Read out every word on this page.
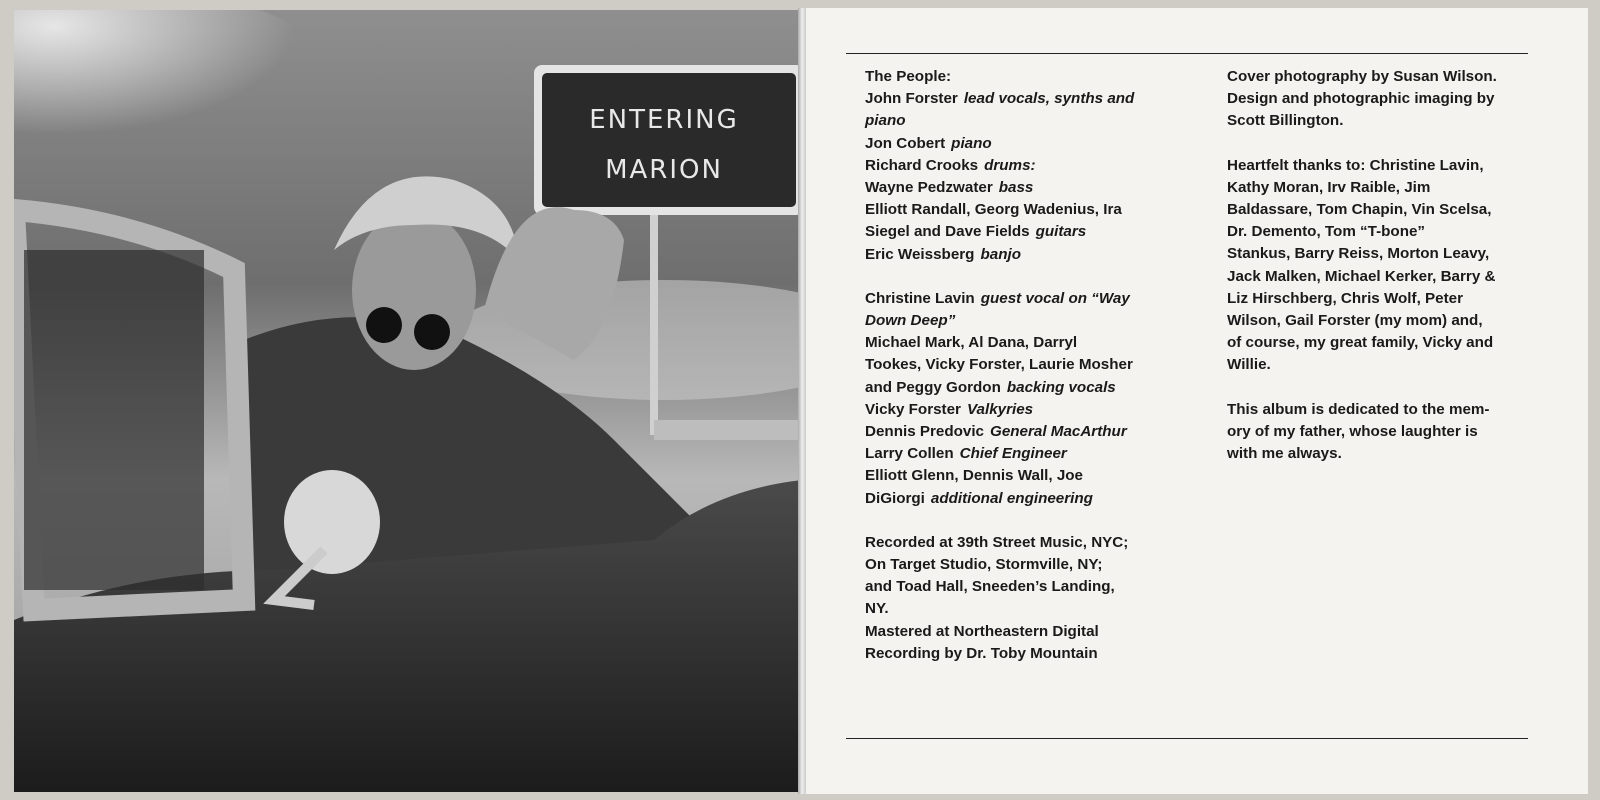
ENTERING
MARION
The People:
John Forster lead vocals, synths and
piano
Jon Cobert piano
Richard Crooks drums:
Wayne Pedzwater bass
Elliott Randall, Georg Wadenius, Ira
Siegel and Dave Fields guitars
Eric Weissberg banjo
Christine Lavin guest vocal on “Way
Down Deep”
Michael Mark, Al Dana, Darryl
Tookes, Vicky Forster, Laurie Mosher
and Peggy Gordon backing vocals
Vicky Forster Valkyries
Dennis Predovic General MacArthur
Larry Collen Chief Engineer
Elliott Glenn, Dennis Wall, Joe
DiGiorgi additional engineering
Recorded at 39th Street Music, NYC;
On Target Studio, Stormville, NY;
and Toad Hall, Sneeden’s Landing,
NY.
Mastered at Northeastern Digital
Recording by Dr. Toby Mountain
Cover photography by Susan Wilson.
Design and photographic imaging by
Scott Billington.
Heartfelt thanks to: Christine Lavin,
Kathy Moran, Irv Raible, Jim
Baldassare, Tom Chapin, Vin Scelsa,
Dr. Demento, Tom “T-bone”
Stankus, Barry Reiss, Morton Leavy,
Jack Malken, Michael Kerker, Barry &
Liz Hirschberg, Chris Wolf, Peter
Wilson, Gail Forster (my mom) and,
of course, my great family, Vicky and
Willie.
This album is dedicated to the mem-
ory of my father, whose laughter is
with me always.
